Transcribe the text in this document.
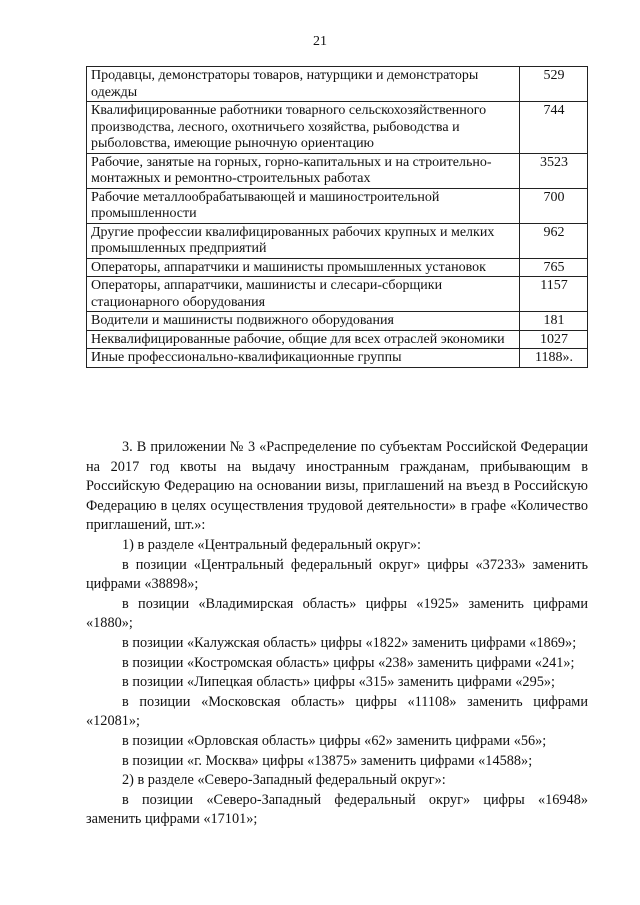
21
Продавцы, демонстраторы товаров, натурщики и демонстраторы одежды	529
Квалифицированные работники товарного сельскохозяйственного производства, лесного, охотничьего хозяйства, рыбоводства и рыболовства, имеющие рыночную ориентацию	744
Рабочие, занятые на горных, горно-капитальных и на строительно-монтажных и ремонтно-строительных работах	3523
Рабочие металлообрабатывающей и машиностроительной промышленности	700
Другие профессии квалифицированных рабочих крупных и мелких промышленных предприятий	962
Операторы, аппаратчики и машинисты промышленных установок	765
Операторы, аппаратчики, машинисты и слесари-сборщики стационарного оборудования	1157
Водители и машинисты подвижного оборудования	181
Неквалифицированные рабочие, общие для всех отраслей экономики	1027
Иные профессионально-квалификационные группы	1188».

3. В приложении № 3 «Распределение по субъектам Российской Федерации на 2017 год квоты на выдачу иностранным гражданам, прибывающим в Российскую Федерацию на основании визы, приглашений на въезд в Российскую Федерацию в целях осуществления трудовой деятельности» в графе «Количество приглашений, шт.»:

1) в разделе «Центральный федеральный округ»:

в позиции «Центральный федеральный округ» цифры «37233» заменить цифрами «38898»;

в позиции «Владимирская область» цифры «1925» заменить цифрами «1880»;

в позиции «Калужская область» цифры «1822» заменить цифрами «1869»;

в позиции «Костромская область» цифры «238» заменить цифрами «241»;

в позиции «Липецкая область» цифры «315» заменить цифрами «295»;

в позиции «Московская область» цифры «11108» заменить цифрами «12081»;

в позиции «Орловская область» цифры «62» заменить цифрами «56»;

в позиции «г. Москва» цифры «13875» заменить цифрами «14588»;

2) в разделе «Северо-Западный федеральный округ»:

в позиции «Северо-Западный федеральный округ» цифры «16948» заменить цифрами «17101»;
